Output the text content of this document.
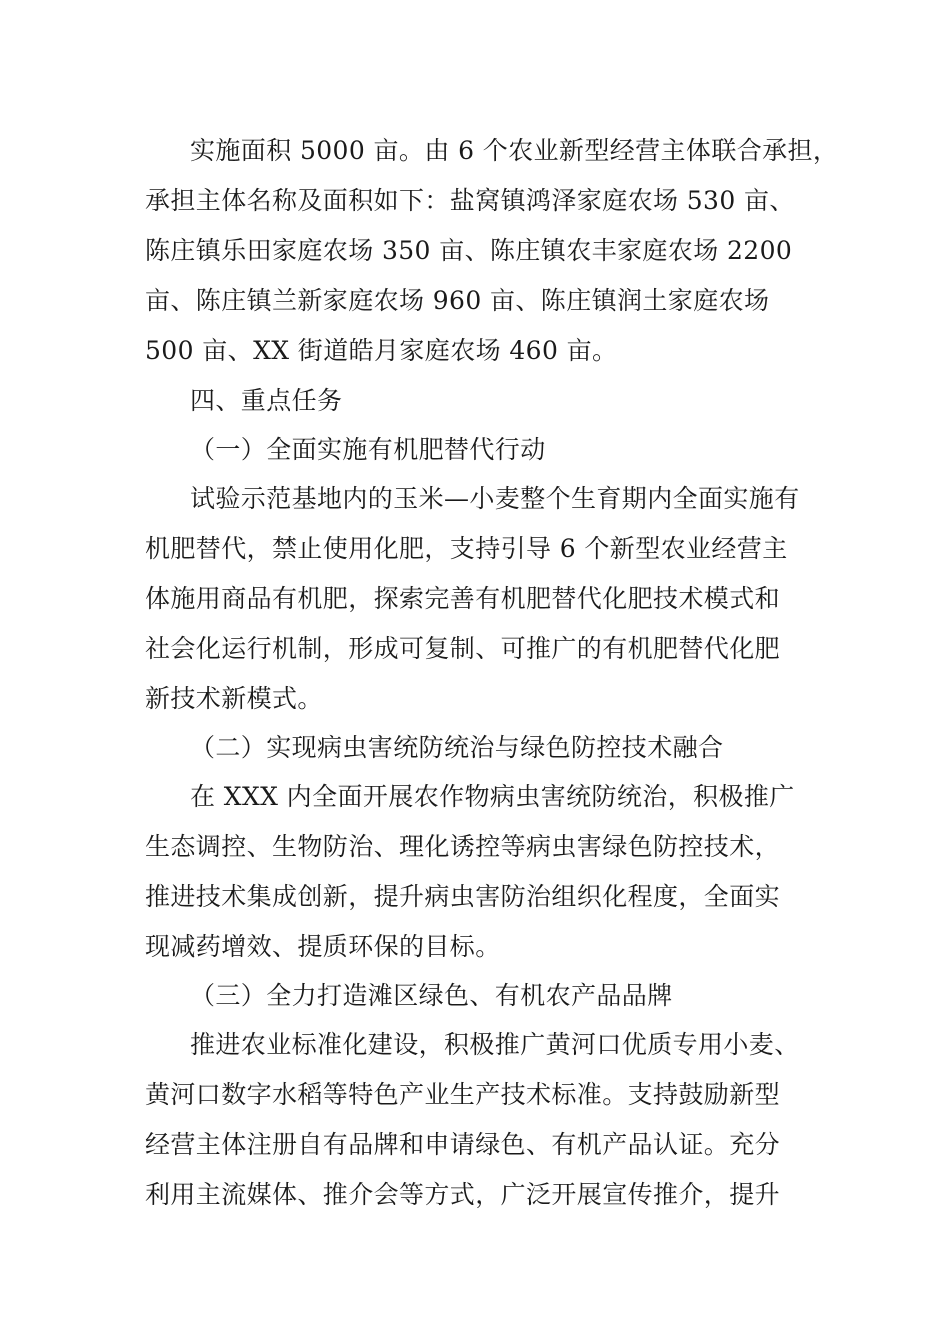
实施面积 5000 亩。由 6 个农业新型经营主体联合承担，
承担主体名称及面积如下：盐窝镇鸿泽家庭农场 530 亩、
陈庄镇乐田家庭农场 350 亩、陈庄镇农丰家庭农场 2200
亩、陈庄镇兰新家庭农场 960 亩、陈庄镇润土家庭农场
500 亩、XX 街道皓月家庭农场 460 亩。
四、重点任务
（一）全面实施有机肥替代行动
试验示范基地内的玉米—小麦整个生育期内全面实施有
机肥替代，禁止使用化肥，支持引导 6 个新型农业经营主
体施用商品有机肥，探索完善有机肥替代化肥技术模式和
社会化运行机制，形成可复制、可推广的有机肥替代化肥
新技术新模式。
（二）实现病虫害统防统治与绿色防控技术融合
在 XXX 内全面开展农作物病虫害统防统治，积极推广
生态调控、生物防治、理化诱控等病虫害绿色防控技术，
推进技术集成创新，提升病虫害防治组织化程度，全面实
现减药增效、提质环保的目标。
（三）全力打造滩区绿色、有机农产品品牌
推进农业标准化建设，积极推广黄河口优质专用小麦、
黄河口数字水稻等特色产业生产技术标准。支持鼓励新型
经营主体注册自有品牌和申请绿色、有机产品认证。充分
利用主流媒体、推介会等方式，广泛开展宣传推介，提升
